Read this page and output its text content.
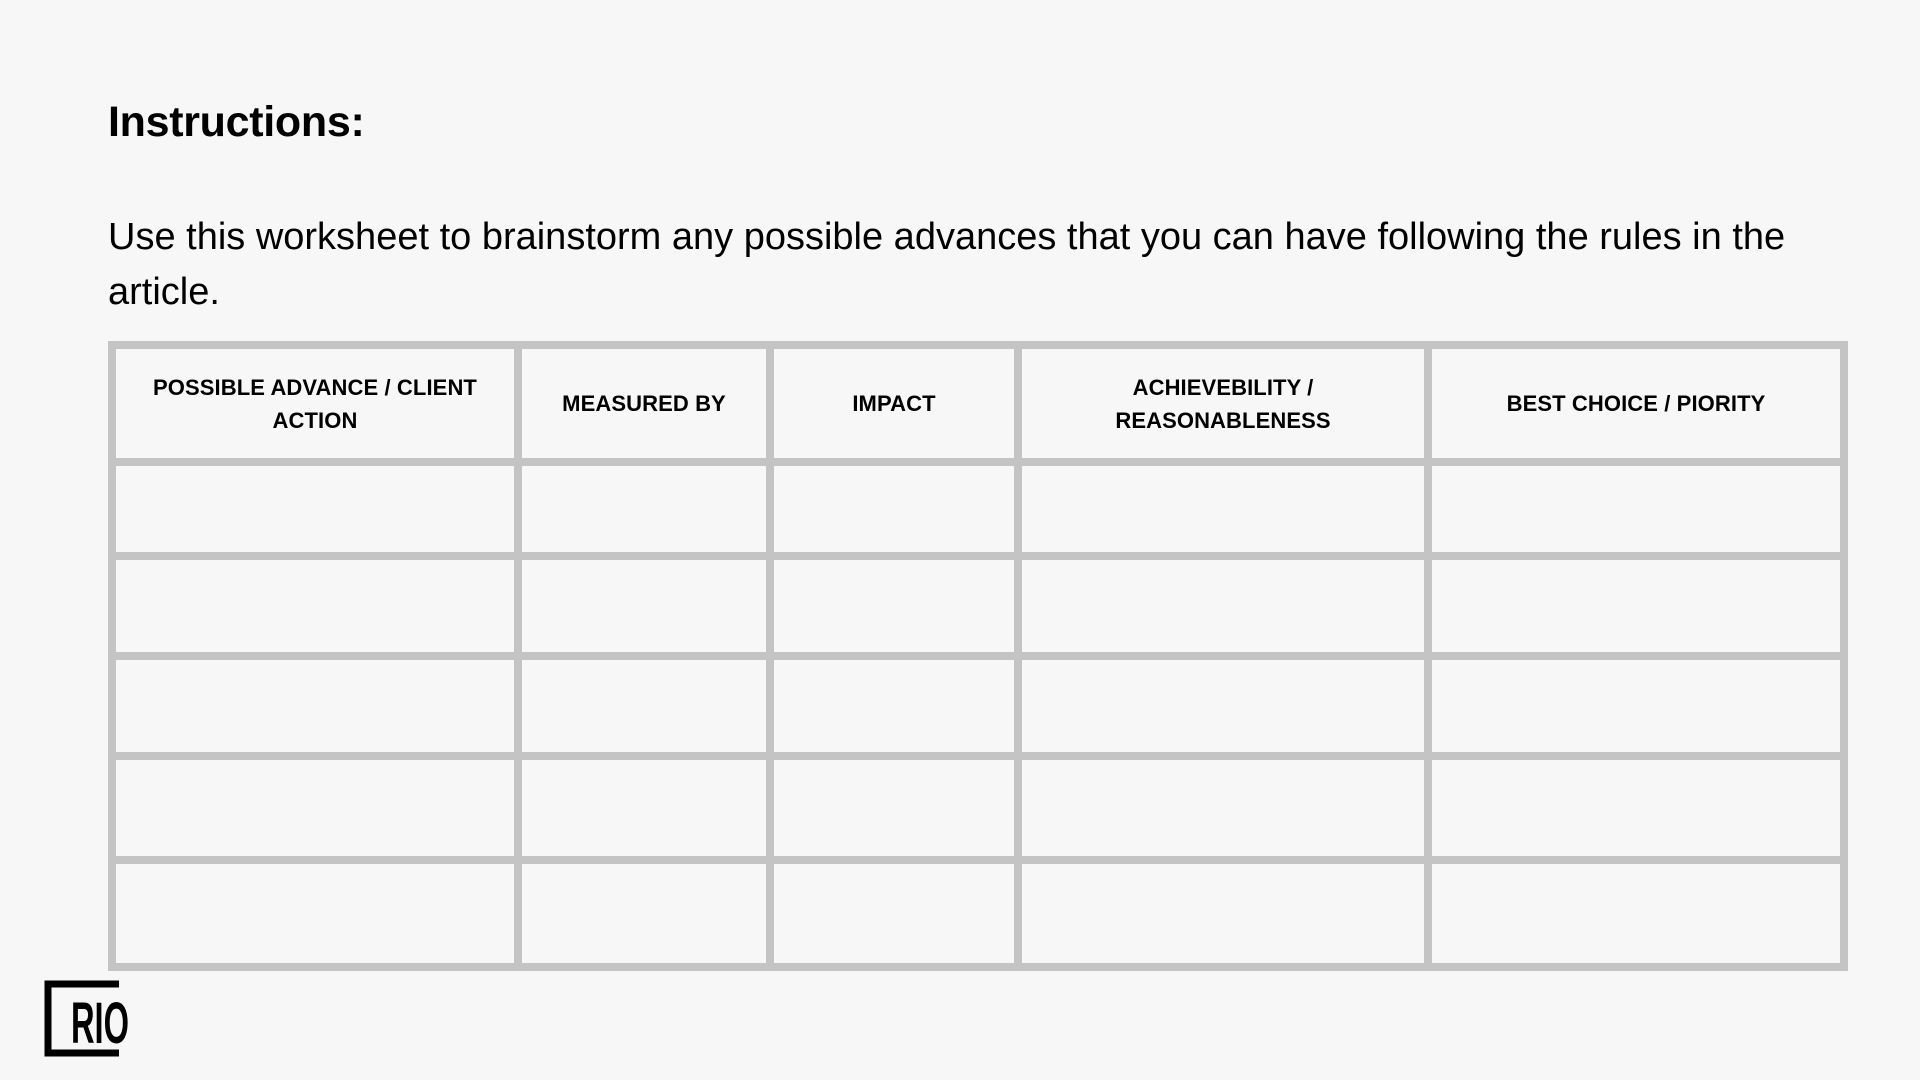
Instructions:

Use this worksheet to brainstorm any possible advances that you can have following the rules in the article.

POSSIBLE ADVANCE / CLIENT ACTION	MEASURED BY	IMPACT	ACHIEVEBILITY / REASONABLENESS	BEST CHOICE / PIORITY

RIO
